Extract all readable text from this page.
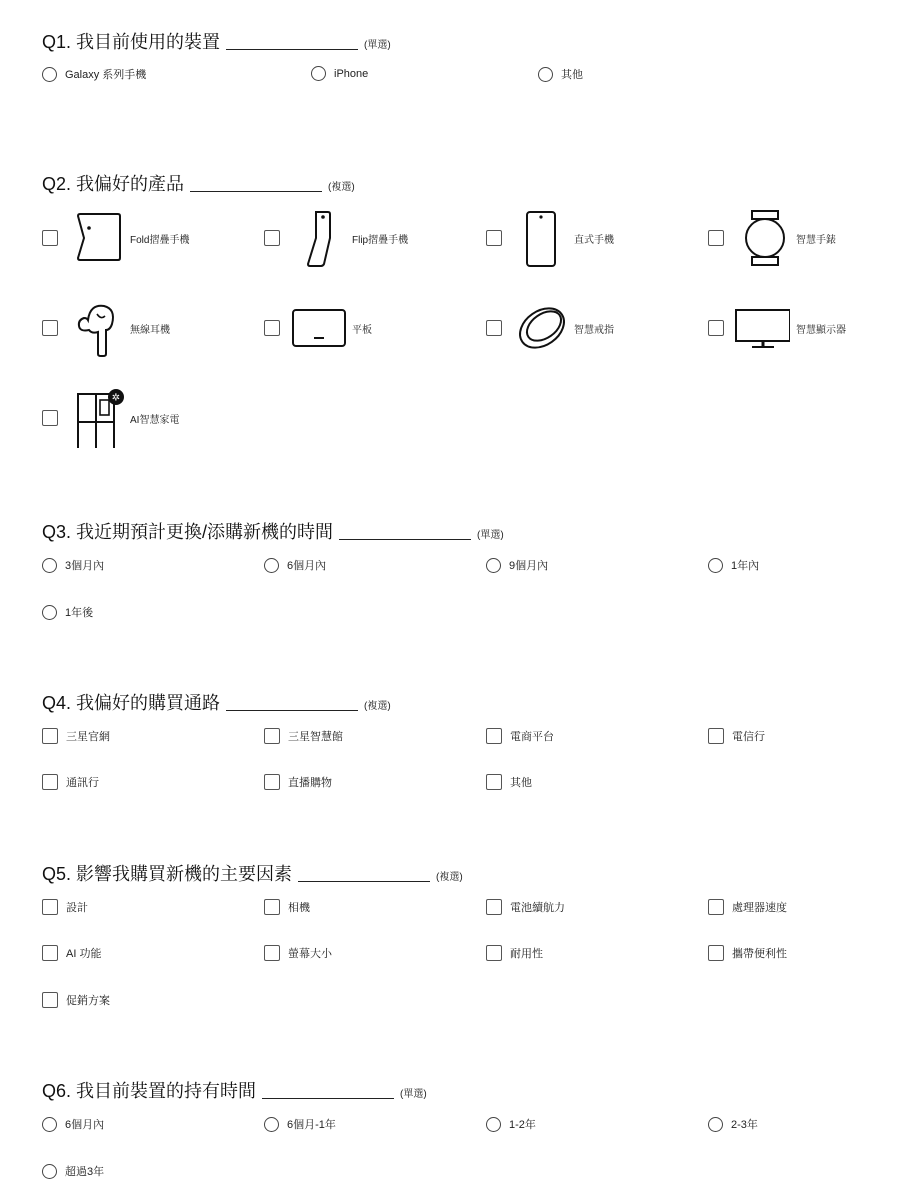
Q1. 我目前使用的裝置	(單選)
Galaxy 系列手機	iPhone	其他
Q2. 我偏好的產品	(複選)
Fold摺疊手機	Flip摺疊手機	直式手機	智慧手錶
無線耳機	平板	智慧戒指	智慧顯示器
✲
AI智慧家電
Q3. 我近期預計更換/添購新機的時間	(單選)
3個月內	6個月內	9個月內	1年內
1年後
Q4. 我偏好的購買通路	(複選)
三星官網	三星智慧館	電商平台	電信行
通訊行	直播購物	其他
Q5. 影響我購買新機的主要因素	(複選)
設計	相機	電池續航力	處理器速度
AI 功能	螢幕大小	耐用性	攜帶便利性
促銷方案
Q6. 我目前裝置的持有時間	(單選)
6個月內	6個月-1年	1-2年	2-3年
超過3年
